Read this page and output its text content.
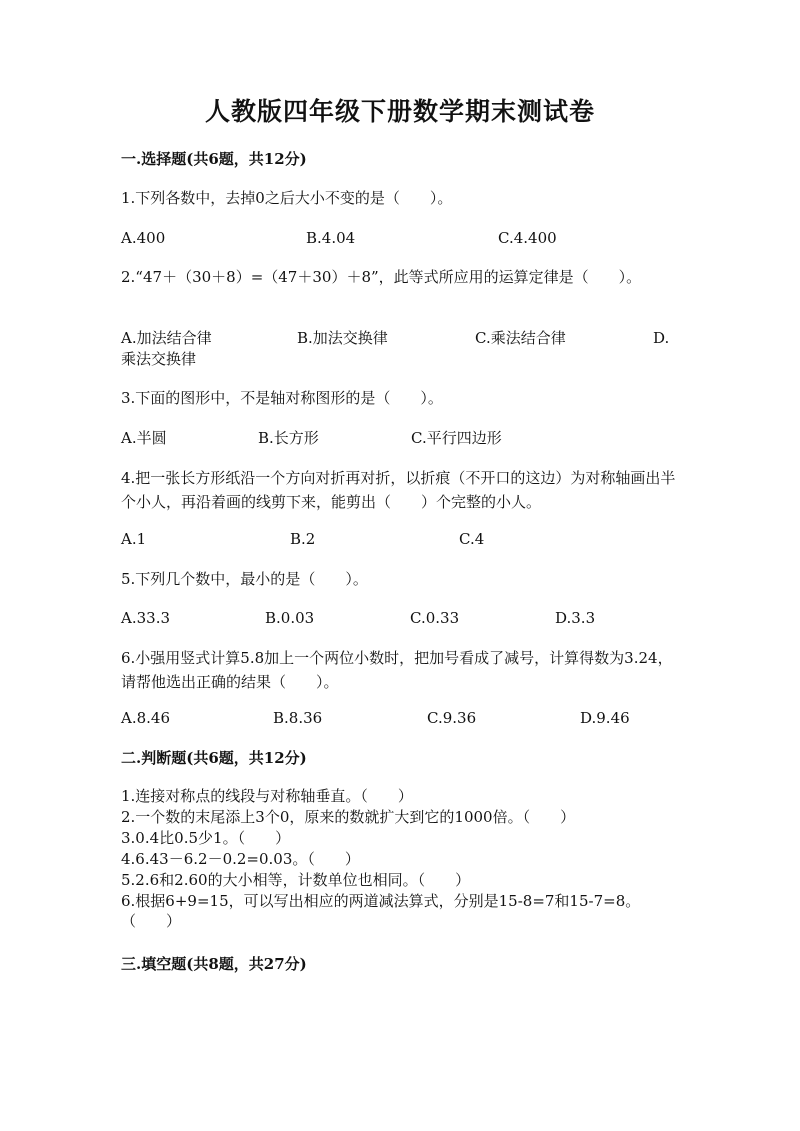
人教版四年级下册数学期末测试卷
一.选择题(共6题，共12分)
1.下列各数中，去掉0之后大小不变的是（　　）。
A.400	B.4.04	C.4.400
2.“47＋（30＋8）=（47＋30）＋8”，此等式所应用的运算定律是（　　）。
A.加法结合律	B.加法交换律	C.乘法结合律	D.
乘法交换律
3.下面的图形中，不是轴对称图形的是（　　）。
A.半圆	B.长方形	C.平行四边形
4.把一张长方形纸沿一个方向对折再对折，以折痕（不开口的这边）为对称轴画出半个小人，再沿着画的线剪下来，能剪出（　　）个完整的小人。
A.1	B.2	C.4
5.下列几个数中，最小的是（　　）。
A.33.3	B.0.03	C.0.33	D.3.3
6.小强用竖式计算5.8加上一个两位小数时，把加号看成了减号，计算得数为3.24，请帮他选出正确的结果（　　）。
A.8.46	B.8.36	C.9.36	D.9.46
二.判断题(共6题，共12分)
1.连接对称点的线段与对称轴垂直。（　　）
2.一个数的末尾添上3个0，原来的数就扩大到它的1000倍。（　　）
3.0.4比0.5少1。（　　）
4.6.43－6.2－0.2=0.03。（　　）
5.2.6和2.60的大小相等，计数单位也相同。（　　）
6.根据6+9=15，可以写出相应的两道减法算式，分别是15-8=7和15-7=8。（　　）
三.填空题(共8题，共27分)
